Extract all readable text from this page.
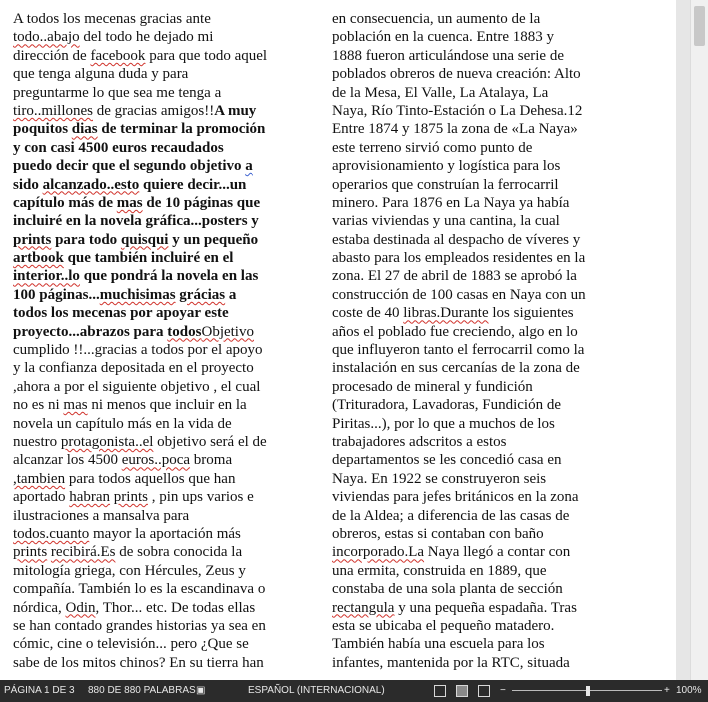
A todos los mecenas gracias ante
todo..abajo del todo he dejado mi
dirección de facebook para que todo aquel
que tenga alguna duda y para
preguntarme lo que sea me tenga a
tiro..millones de gracias amigos!!A muy
poquitos dias de terminar la promoción
y con casi 4500 euros recaudados
puedo decir que el segundo objetivo a
sido alcanzado..esto quiere decir...un
capítulo más de mas de 10 páginas que
incluiré en la novela gráfica...posters y
prints para todo quisqui y un pequeño
artbook que también incluiré en el
interior..lo que pondrá la novela en las
100 páginas...muchisimas grácias a
todos los mecenas por apoyar este
proyecto...abrazos para todosObjetivo
cumplido !!...gracias a todos por el apoyo
y la confianza depositada en el proyecto
,ahora a por el siguiente objetivo , el cual
no es ni mas ni menos que incluir en la
novela un capítulo más en la vida de
nuestro protagonista..el objetivo será el de
alcanzar los 4500 euros..poca broma
,tambien para todos aquellos que han
aportado habran prints , pin ups varios e
ilustraciones a mansalva para
todos.cuanto mayor la aportación más
prints recibirá.Es de sobra conocida la
mitología griega, con Hércules, Zeus y
compañía. También lo es la escandinava o
nórdica, Odin, Thor... etc. De todas ellas
se han contado grandes historias ya sea en
cómic, cine o televisión... pero ¿Que se
sabe de los mitos chinos? En su tierra han
en consecuencia, un aumento de la
población en la cuenca. Entre 1883 y
1888 fueron articulándose una serie de
poblados obreros de nueva creación: Alto
de la Mesa, El Valle, La Atalaya, La
Naya, Río Tinto-Estación o La Dehesa.12
Entre 1874 y 1875 la zona de «La Naya»
este terreno sirvió como punto de
aprovisionamiento y logística para los
operarios que construían la ferrocarril
minero. Para 1876 en La Naya ya había
varias viviendas y una cantina, la cual
estaba destinada al despacho de víveres y
abasto para los empleados residentes en la
zona. El 27 de abril de 1883 se aprobó la
construcción de 100 casas en Naya con un
coste de 40 libras.Durante los siguientes
años el poblado fue creciendo, algo en lo
que influyeron tanto el ferrocarril como la
instalación en sus cercanías de la zona de
procesado de mineral y fundición
(Trituradora, Lavadoras, Fundición de
Piritas...), por lo que a muchos de los
trabajadores adscritos a estos
departamentos se les concedió casa en
Naya. En 1922 se construyeron seis
viviendas para jefes británicos en la zona
de la Aldea; a diferencia de las casas de
obreros, estas si contaban con baño
incorporado.La Naya llegó a contar con
una ermita, construida en 1889, que
constaba de una sola planta de sección
rectangula y una pequeña espadaña. Tras
esta se ubicaba el pequeño matadero.
También había una escuela para los
infantes, mantenida por la RTC, situada
PÁGINA 1 DE 3 880 DE 880 PALABRAS ▣	ESPAÑOL (INTERNACIONAL)	−	+ 100%
